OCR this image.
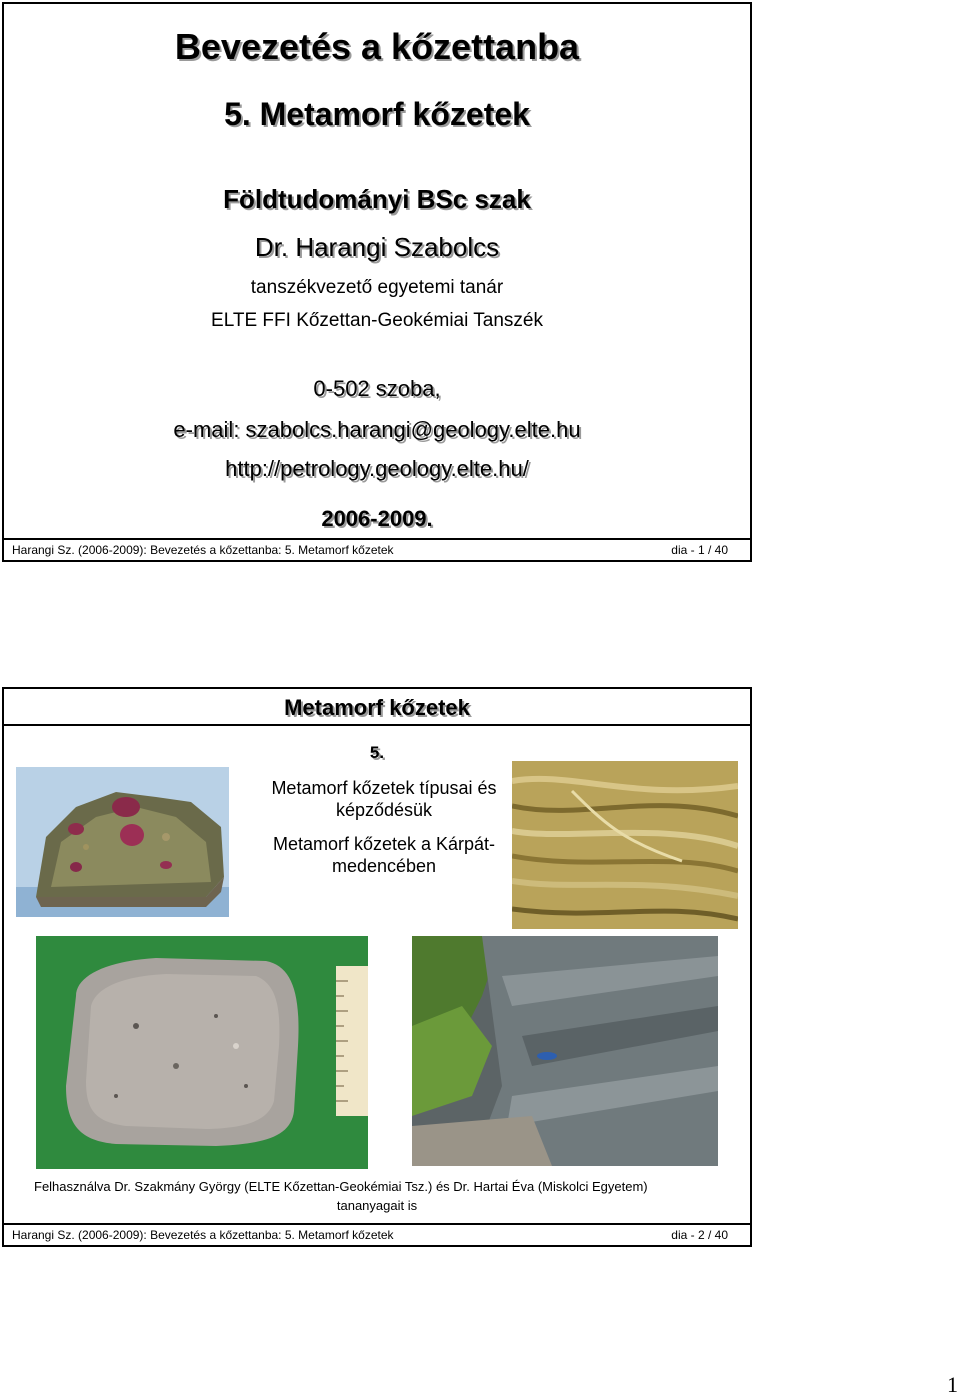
Bevezetés a kőzettanba
5. Metamorf kőzetek
Földtudományi BSc szak
Dr. Harangi Szabolcs
tanszékvezető egyetemi tanár
ELTE FFI Kőzettan-Geokémiai Tanszék
0-502 szoba,
e-mail: szabolcs.harangi@geology.elte.hu
http://petrology.geology.elte.hu/
2006-2009.
Harangi Sz. (2006-2009): Bevezetés a kőzettanba: 5. Metamorf kőzetek	dia - 1 / 40
Metamorf kőzetek
5.
Metamorf kőzetek típusai és képződésük
Metamorf kőzetek a Kárpát-medencében
Felhasználva Dr. Szakmány György (ELTE Kőzettan-Geokémiai Tsz.) és Dr. Hartai Éva (Miskolci Egyetem)
tananyagait is
Harangi Sz. (2006-2009): Bevezetés a kőzettanba: 5. Metamorf kőzetek	dia - 2 / 40
1
